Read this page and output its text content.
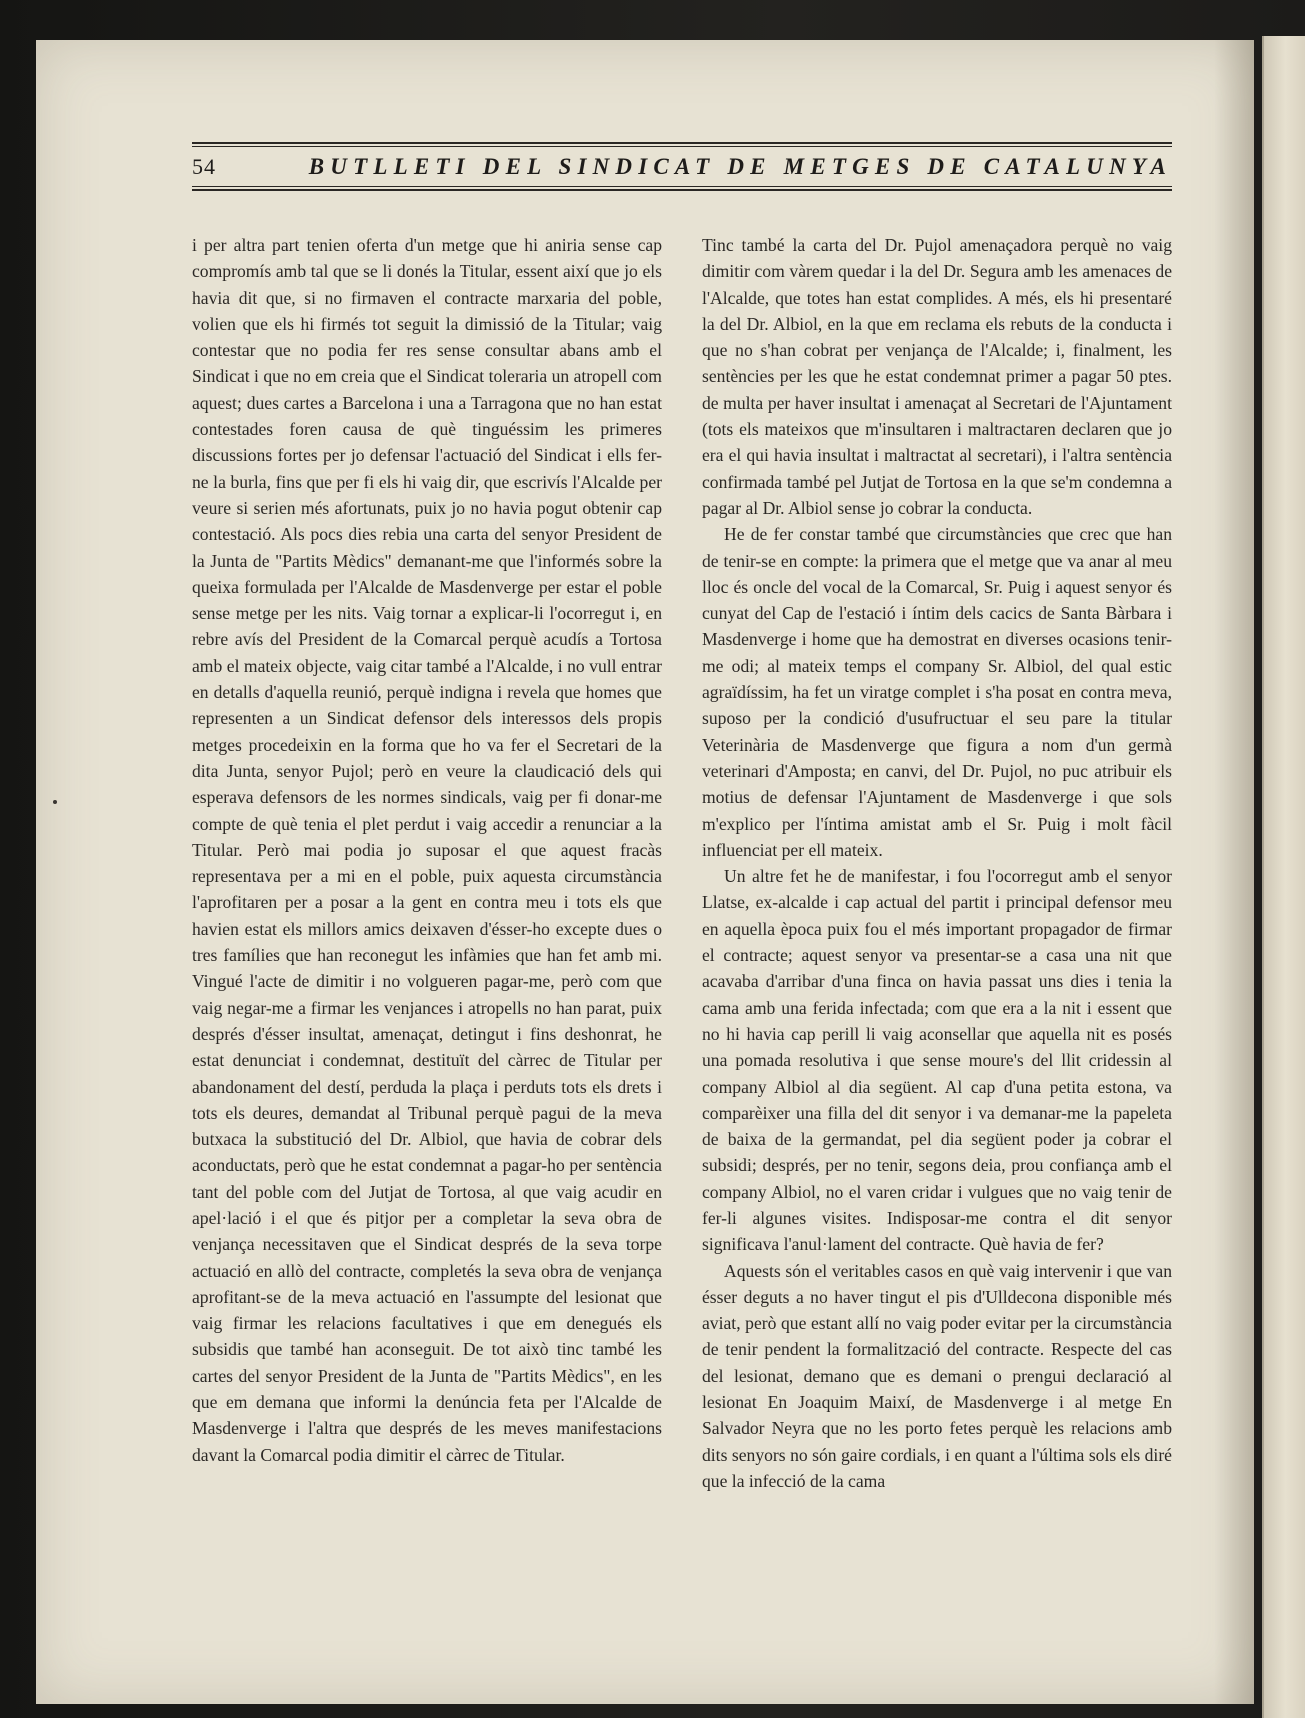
54	BUTLLETI DEL SINDICAT DE METGES DE CATALUNYA

i per altra part tenien oferta d'un metge que hi aniria sense cap compromís amb tal que se li donés la Titular, essent així que jo els havia dit que, si no firmaven el contracte marxaria del poble, volien que els hi firmés tot seguit la dimissió de la Titular; vaig contestar que no podia fer res sense consultar abans amb el Sindicat i que no em creia que el Sindicat toleraria un atropell com aquest; dues cartes a Barcelona i una a Tarragona que no han estat contestades foren causa de què tinguéssim les primeres discussions fortes per jo defensar l'actuació del Sindicat i ells fer-ne la burla, fins que per fi els hi vaig dir, que escrivís l'Alcalde per veure si serien més afortunats, puix jo no havia pogut obtenir cap contestació. Als pocs dies rebia una carta del senyor President de la Junta de "Partits Mèdics" demanant-me que l'informés sobre la queixa formulada per l'Alcalde de Masdenverge per estar el poble sense metge per les nits. Vaig tornar a explicar-li l'ocorregut i, en rebre avís del President de la Comarcal perquè acudís a Tortosa amb el mateix objecte, vaig citar també a l'Alcalde, i no vull entrar en detalls d'aquella reunió, perquè indigna i revela que homes que representen a un Sindicat defensor dels interessos dels propis metges procedeixin en la forma que ho va fer el Secretari de la dita Junta, senyor Pujol; però en veure la claudicació dels qui esperava defensors de les normes sindicals, vaig per fi donar-me compte de què tenia el plet perdut i vaig accedir a renunciar a la Titular. Però mai podia jo suposar el que aquest fracàs representava per a mi en el poble, puix aquesta circumstància l'aprofitaren per a posar a la gent en contra meu i tots els que havien estat els millors amics deixaven d'ésser-ho excepte dues o tres famílies que han reconegut les infàmies que han fet amb mi. Vingué l'acte de dimitir i no volgueren pagar-me, però com que vaig negar-me a firmar les venjances i atropells no han parat, puix després d'ésser insultat, amenaçat, detingut i fins deshonrat, he estat denunciat i condemnat, destituït del càrrec de Titular per abandonament del destí, perduda la plaça i perduts tots els drets i tots els deures, demandat al Tribunal perquè pagui de la meva butxaca la substitució del Dr. Albiol, que havia de cobrar dels aconductats, però que he estat condemnat a pagar-ho per sentència tant del poble com del Jutjat de Tortosa, al que vaig acudir en apel·lació i el que és pitjor per a completar la seva obra de venjança necessitaven que el Sindicat després de la seva torpe actuació en allò del contracte, completés la seva obra de venjança aprofitant-se de la meva actuació en l'assumpte del lesionat que vaig firmar les relacions facultatives i que em denegués els subsidis que també han aconseguit. De tot això tinc també les cartes del senyor President de la Junta de "Partits Mèdics", en les que em demana que informi la denúncia feta per l'Alcalde de Masdenverge i l'altra que després de les meves manifestacions davant la Comarcal podia dimitir el càrrec de Titular.

Tinc també la carta del Dr. Pujol amenaçadora perquè no vaig dimitir com vàrem quedar i la del Dr. Segura amb les amenaces de l'Alcalde, que totes han estat complides. A més, els hi presentaré la del Dr. Albiol, en la que em reclama els rebuts de la conducta i que no s'han cobrat per venjança de l'Alcalde; i, finalment, les sentències per les que he estat condemnat primer a pagar 50 ptes. de multa per haver insultat i amenaçat al Secretari de l'Ajuntament (tots els mateixos que m'insultaren i maltractaren declaren que jo era el qui havia insultat i maltractat al secretari), i l'altra sentència confirmada també pel Jutjat de Tortosa en la que se'm condemna a pagar al Dr. Albiol sense jo cobrar la conducta.

He de fer constar també que circumstàncies que crec que han de tenir-se en compte: la primera que el metge que va anar al meu lloc és oncle del vocal de la Comarcal, Sr. Puig i aquest senyor és cunyat del Cap de l'estació i íntim dels cacics de Santa Bàrbara i Masdenverge i home que ha demostrat en diverses ocasions tenir-me odi; al mateix temps el company Sr. Albiol, del qual estic agraïdíssim, ha fet un viratge complet i s'ha posat en contra meva, suposo per la condició d'usufructuar el seu pare la titular Veterinària de Masdenverge que figura a nom d'un germà veterinari d'Amposta; en canvi, del Dr. Pujol, no puc atribuir els motius de defensar l'Ajuntament de Masdenverge i que sols m'explico per l'íntima amistat amb el Sr. Puig i molt fàcil influenciat per ell mateix.

Un altre fet he de manifestar, i fou l'ocorregut amb el senyor Llatse, ex-alcalde i cap actual del partit i principal defensor meu en aquella època puix fou el més important propagador de firmar el contracte; aquest senyor va presentar-se a casa una nit que acavaba d'arribar d'una finca on havia passat uns dies i tenia la cama amb una ferida infectada; com que era a la nit i essent que no hi havia cap perill li vaig aconsellar que aquella nit es posés una pomada resolutiva i que sense moure's del llit cridessin al company Albiol al dia següent. Al cap d'una petita estona, va comparèixer una filla del dit senyor i va demanar-me la papeleta de baixa de la germandat, pel dia següent poder ja cobrar el subsidi; després, per no tenir, segons deia, prou confiança amb el company Albiol, no el varen cridar i vulgues que no vaig tenir de fer-li algunes visites. Indisposar-me contra el dit senyor significava l'anul·lament del contracte. Què havia de fer?

Aquests són el veritables casos en què vaig intervenir i que van ésser deguts a no haver tingut el pis d'Ulldecona disponible més aviat, però que estant allí no vaig poder evitar per la circumstància de tenir pendent la formalització del contracte. Respecte del cas del lesionat, demano que es demani o prengui declaració al lesionat En Joaquim Maixí, de Masdenverge i al metge En Salvador Neyra que no les porto fetes perquè les relacions amb dits senyors no són gaire cordials, i en quant a l'última sols els diré que la infecció de la cama
